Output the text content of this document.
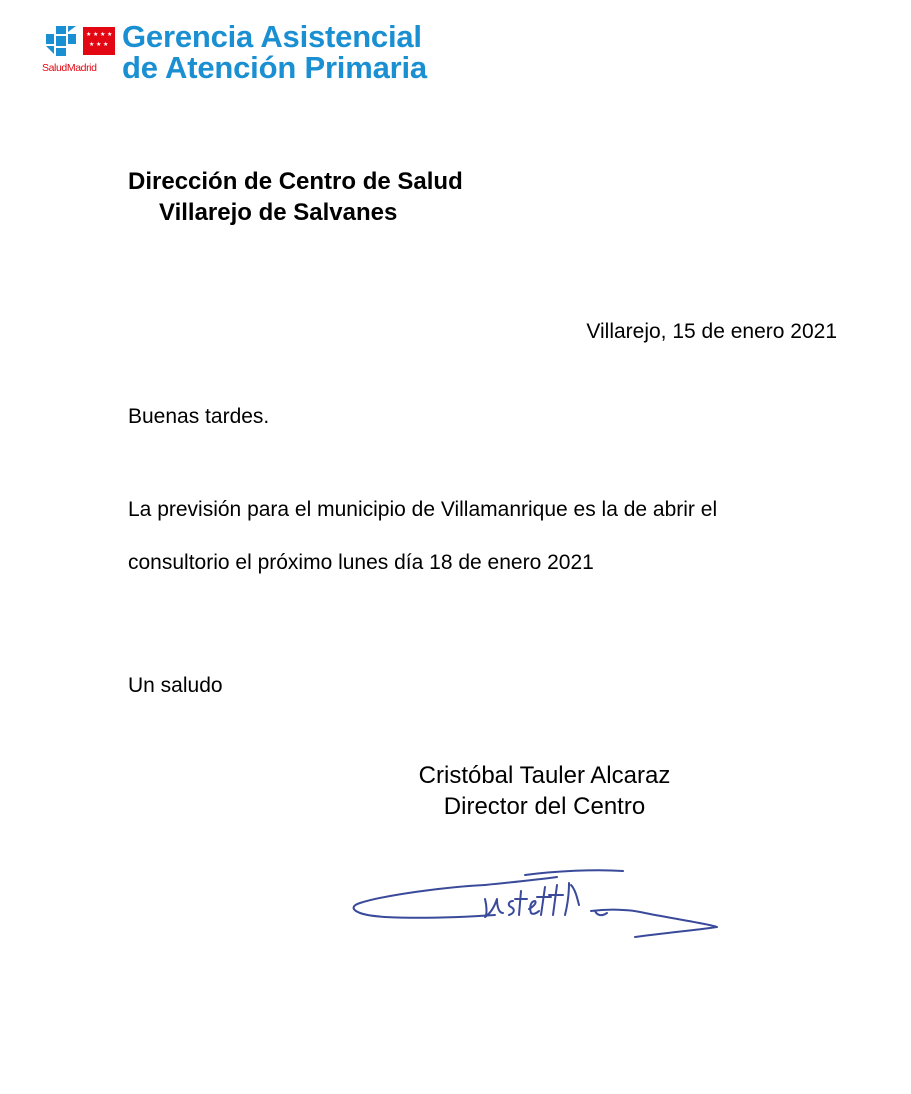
★ ★ ★ ★
★ ★ ★
SaludMadrid
Gerencia Asistencial
de Atención Primaria
Dirección de Centro de Salud
Villarejo de Salvanes
Villarejo, 15 de enero 2021
Buenas tardes.
La previsión para el municipio de Villamanrique es la de abrir el
consultorio el próximo lunes día 18 de enero 2021
Un saludo
Cristóbal Tauler Alcaraz
Director del Centro
